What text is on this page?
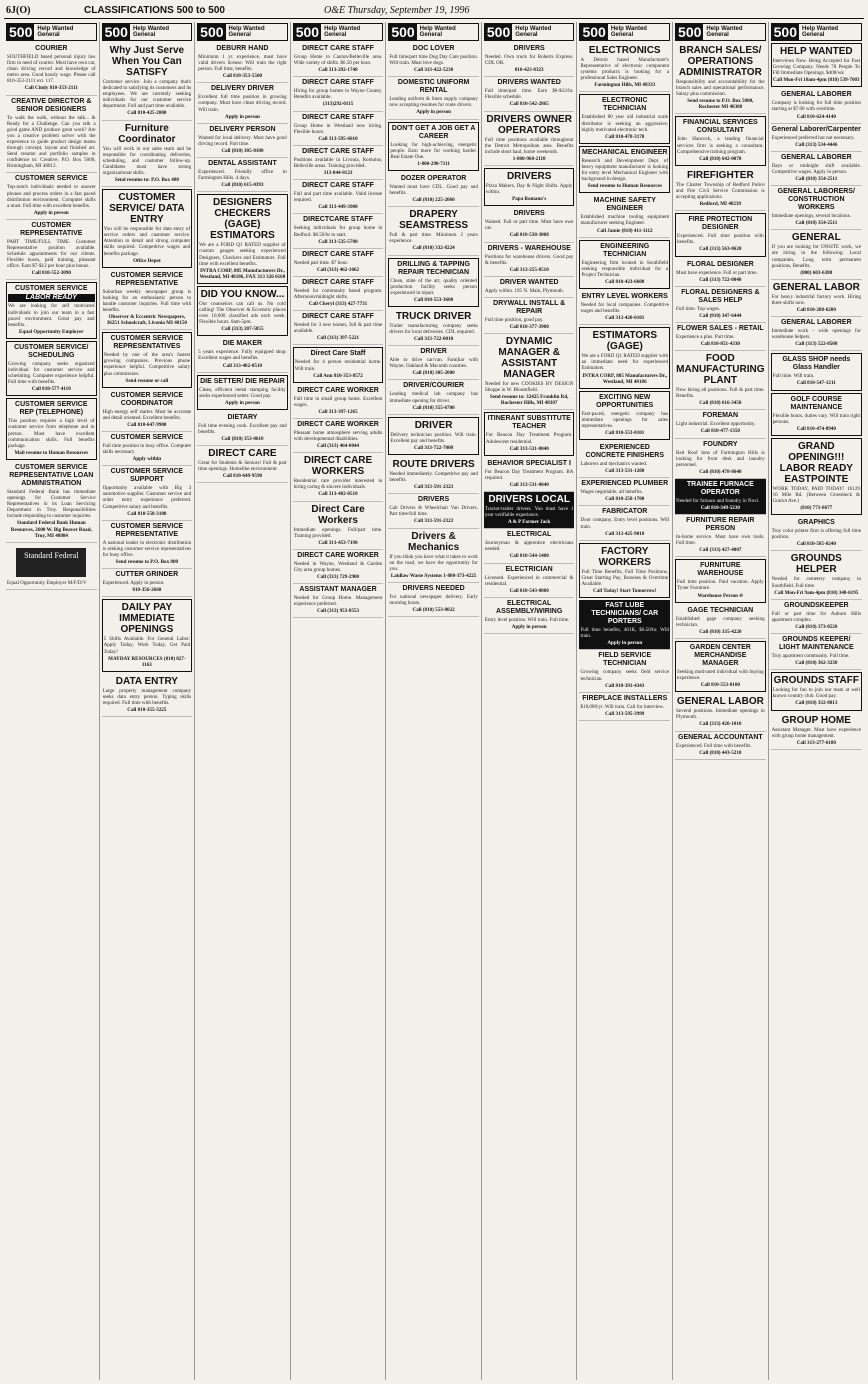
6J(O)	CLASSIFICATIONS 500 to 500	O&E Thursday, September 19, 1996
500 Help Wanted
General
COURIER
SOUTHFIELD based personal injury law firm in need of courier. Must have own car, clean driving record and knowledge of metro area. Good hourly wage. Please call 810-353-2111 ext. 117.
Call Cindy 810-353-2111
CREATIVE DIRECTOR & SENIOR DESIGNERS
To walk the walk, without the talk... & Ready for a Challenge. Can you talk a good game AND produce great work? Are you a creative problem solver with the experience to guide product design teams through concept, layout and finished art. Send resume and portfolio samples in confidence to: Creative, P.O. Box 5000, Birmingham, MI 48012.
CUSTOMER SERVICE
Top-notch individuals needed to answer phones and process orders in a fast paced distribution environment. Computer skills a must. Full time with excellent benefits.
Apply in person
CUSTOMER REPRESENTATIVE
PART TIME/FULL TIME. Customer Representative position available. Schedule appointments for our clients. Flexible hours, paid training, pleasant office. Earn $7-$12 per hour plus bonus.
Call 810-552-3090
CUSTOMER SERVICE
LABOR READY
We are looking for self motivated individuals to join our team in a fast paced environment. Great pay and benefits.
Equal Opportunity Employer
CUSTOMER SERVICE/ SCHEDULING
Growing company seeks organized individual for customer service and scheduling. Computer experience helpful. Full time with benefits.
Call 810-577-4110
CUSTOMER SERVICE REP (TELEPHONE)
This position requires a high level of customer service from telephone and in person. Must have excellent communication skills. Full benefits package.
Mail resume to Human Resources
CUSTOMER SERVICE REPRESENTATIVE LOAN ADMINISTRATION
Standard Federal Bank has immediate openings for Customer Service Representatives in its Loan Servicing Department in Troy. Responsibilities include responding to customer inquiries.
Standard Federal Bank Human Resources, 2600 W. Big Beaver Road, Troy, MI 48084
Standard Federal
Equal Opportunity Employer M/F/D/V
500 Help Wanted
General
Why Just Serve When You Can SATISFY
Customer service. Join a company that's dedicated to satisfying its customers and its employees. We are currently seeking individuals for our customer service department. Full and part time available.
Call 810-425-2000
Furniture Coordinator
You will work in our sales team and be responsible for coordinating deliveries, scheduling, and customer follow-up. Candidates must have strong organizational skills.
Send resume to: P.O. Box 480
CUSTOMER SERVICE/ DATA ENTRY
You will be responsible for data entry of service orders and customer service. Attention to detail and strong computer skills required. Competitive wages and benefits package.
Office Depot
CUSTOMER SERVICE REPRESENTATIVE
Suburban weekly newspaper group is looking for an enthusiastic person to handle customer inquiries. Full time with benefits.
Observer & Eccentric Newspapers, 36251 Schoolcraft, Livonia MI 48150
CUSTOMER SERVICE REPRESENTATIVES
Needed by one of the area's fastest growing companies. Previous phone experience helpful. Competitive salary plus commission.
Send resume or call
CUSTOMER SERVICE COORDINATOR
High energy self starter. Must be accurate and detail oriented. Excellent benefits.
Call 810-647-9900
CUSTOMER SERVICE
Full time position in busy office. Computer skills necessary.
Apply within
CUSTOMER SERVICE SUPPORT
Opportunity available with Big 3 automotive supplier. Customer service and order entry experience preferred. Competitive salary and benefits.
Call 810-558-3100
CUSTOMER SERVICE REPRESENTATIVE
A national leader in electronic distribution is seeking customer service representatives for busy office.
Send resume to P.O. Box 800
CUTTER GRINDER
Experienced. Apply in person.
810-356-2660
DAILY PAY IMMEDIATE OPENINGS
5 Shifts Available. For General Labor: Apply Today, Work Today, Get Paid Today!
MAYDAY RESOURCES (810) 827-1163
DATA ENTRY
Large property management company seeks data entry person. Typing skills required. Full time with benefits.
Call 810-355-3225
500 Help Wanted
General
DEBURR HAND
Minimum 1 yr. experience, must have valid drivers license. Will train the right person. Full time, benefits.
Call 810-353-5500
DELIVERY DRIVER
Excellent full time position in growing company. Must have clean driving record. Will train.
Apply in person
DELIVERY PERSON
Wanted for local delivery. Must have good driving record. Part time.
Call (810) 305-8100
DENTAL ASSISTANT
Experienced. Friendly office in Farmington Hills. 4 days.
Call (810) 615-0393
DESIGNERS CHECKERS (GAGE) ESTIMATORS
We are a FORD Q1 RATED supplier of custom gauges seeking experienced Designers, Checkers and Estimators. Full time with excellent benefits.
INTRA CORP, 885 Manufacturers Dr., Westland, MI 48186, FAX 313 326 6160
DID YOU KNOW...
Our counselors can call us. No cold calling! The Observer & Eccentric places over 10,000 classified ads each week. Flexible hours. 8am-5pm.
Call (313) 207-5855
DIE MAKER
5 years experience. Fully equipped shop. Excellent wages and benefits.
Call 313-482-0510
DIE SETTER/ DIE REPAIR
Clean, efficient metal stamping facility seeks experienced setter. Good pay.
Apply in person
DIETARY
Full time evening cook. Excellent pay and benefits.
Call (810) 353-0610
DIRECT CARE
Great for Students & Seniors! Full & part time openings. Homelike environment.
Call 810-649-9590
500 Help Wanted
General
DIRECT CARE STAFF
Group Home in Canton/Belleville area. Wide variety of shifts. $6.50 per hour.
Call 313-292-1748
DIRECT CARE STAFF
Hiring for group homes in Wayne County. Benefits available.
(313)292-0115
DIRECT CARE STAFF
Group Home in Westland now hiring. Flexible hours.
Call 313-595-6010
DIRECT CARE STAFF
Positions available in Livonia, Romulus, Belleville areas. Training provided.
313-844-0123
DIRECT CARE STAFF
Full and part time available. Valid license required.
Call 313-449-3900
DIRECTCARE STAFF
Seeking individuals for group home in Redford. $6.50/hr to start.
Call 313-535-5700
DIRECT CARE STAFF
Needed part time. $7 hour.
Call (313) 462-1062
DIRECT CARE STAFF
Needed for community based program. Afternoon/midnight shifts.
Call Cheryl (313) 427-7731
DIRECT CARE STAFF
Needed for 3 new homes, full & part time available.
Call (313) 397-5221
Direct Care Staff
Needed for 4 person residential home. Will train.
Call Ann 810-353-8572
DIRECT CARE WORKER
Full time in small group home. Excellent wages.
Call 313-397-1265
DIRECT CARE WORKER
Pleasant home atmosphere serving adults with developmental disabilities.
Call (313) 464-0044
DIRECT CARE WORKERS
Residential care provider interested in hiring caring & sincere individuals.
Call 313-482-0518
Direct Care Workers
Immediate openings. Full/part time. Training provided.
Call 313-453-7190
DIRECT CARE WORKER
Needed in Wayne, Westland & Garden City area group homes.
Call (313) 729-2900
ASSISTANT MANAGER
Needed for Group Home. Management experience preferred.
Call (313) 953-8553
500 Help Wanted
General
DOC LOVER
Full time/part time Dog Day Care position. Will train. Must love dogs.
Call 313-422-5230
DOMESTIC UNIFORM RENTAL
Leading uniform & linen supply company now accepting resumes for route drivers.
Apply in person
DON'T GET A JOB GET A CAREER
Looking for high-achieving, energetic people. Earn more for working harder. Real Estate One.
1-800-298-7111
DOZER OPERATOR
Wanted must have CDL. Good pay and benefits.
Call (810) 225-2060
DRAPERY SEAMSTRESS
Full & part time. Minimum 2 years experience.
Call (810) 332-8224
DRILLING & TAPPING REPAIR TECHNICIAN
Clean, state of the art, quality oriented production facility seeks person experienced in repair.
Call 810-553-3600
TRUCK DRIVER
Trailer manufacturing company seeks drivers for local deliveries. CDL required.
Call 313-722-0010
DRIVER
Able to drive car/van. Familiar with Wayne, Oakland & Macomb counties.
Call (810) 305-2000
DRIVER/COURIER
Leading medical lab company has immediate opening for driver.
Call (810) 355-6700
DRIVER
Delivery technician position. Will train. Excellent pay and benefits.
Call 313-722-7000
ROUTE DRIVERS
Needed immediately. Competitive pay and benefits.
Call 313-591-2323
DRIVERS
Cab Drivers & Wheelchair Van Drivers. Part time/full time.
Call 313-591-2323
Drivers & Mechanics
If you think you have what it takes to work on the road, we have the opportunity for you.
Laidlaw Waste Systems 1-800-373-4225
DRIVERS NEEDED
For national newspaper delivery. Early morning hours.
Call (810) 553-8022
500 Help Wanted
General
DRIVERS
Needed. Own truck for Roberts Express. CDL OR.
810-423-8323
DRIVERS WANTED
Full time/part time. Earn $8-$12/hr. Flexible schedule.
Call 810-542-2865
DRIVERS OWNER OPERATORS
Full time positions available throughout the Detroit Metropolitan area. Benefits include short haul, home weekends.
1-800-968-2118
DRIVERS
Pizza Makers, Day & Night Shifts. Apply within.
Papa Romano's
DRIVERS
Wanted. Full or part time. Must have own car.
Call 810-538-3008
DRIVERS - WAREHOUSE
Positions for warehouse drivers. Good pay & benefits.
Call 313-255-8510
DRIVER WANTED
Apply within. 195 N. Main, Plymouth.
DRYWALL INSTALL & REPAIR
Full time position, good pay.
Call 810-377-3900
DYNAMIC MANAGER & ASSISTANT MANAGER
Needed for new COOKIES BY DESIGN Shoppe in W. Bloomfield.
Send resume to: 32425 Franklin Rd, Rochester Hills, MI 48307
ITINERANT SUBSTITUTE TEACHER
For Beacon Day Treatment Program. Adolescent residential.
Call 313-531-0040
BEHAVIOR SPECIALIST I
For Beacon Day Treatment Program. BA required.
Call 313-531-0040
DRIVERS LOCAL
Tractor-trailer drivers. You must have 1 year verifiable experience.
A & P Farmer Jack
ELECTRICAL
Journeyman & apprentice electricians needed.
Call 810-544-1400
ELECTRICIAN
Licensed. Experienced in commercial & residential.
Call 810-543-0080
ELECTRICAL ASSEMBLY/WIRING
Entry level position. Will train. Full time.
Apply in person
500 Help Wanted
General
ELECTRONICS
A Detroit based Manufacturer's Representative of electronic component systems products is looking for a professional Sales Engineer.
Farmington Hills, MI 48333
ELECTRONIC TECHNICIAN
Established 80 year old industrial scale distributor is seeking an aggressive, highly motivated electronic tech.
Call 810-478-3170
MECHANICAL ENGINEER
Research and Development Dept. of heavy equipment manufacturer is looking for entry level Mechanical Engineer with background in design.
Send resume to Human Resources
MACHINE SAFETY ENGINEER
Established machine tooling equipment manufacturer seeking Engineer.
Call Jamie (810) 411-1112
ENGINEERING TECHNICIAN
Engineering firm located in Southfield seeking responsible individual for a Project Technician.
Call 810-423-6600
ENTRY LEVEL WORKERS
Needed for local companies. Competitive wages and benefits.
Call 313-420-0101
ESTIMATORS (GAGE)
We are a FORD Q1 RATED supplier with an immediate need for experienced Estimators.
INTRA CORP, 885 Manufacturers Dr., Westland, MI 48186
EXCITING NEW OPPORTUNITIES
Fast-paced, energetic company has immediate openings for sales representatives.
Call 810-553-0101
EXPERIENCED CONCRETE FINISHERS
Laborers and mechanics wanted.
Call 313-531-1200
EXPERIENCED PLUMBER
Wages negotiable, all benefits.
Call 810-258-1700
FABRICATOR
Door company. Entry level positions. Will train.
Call 313-425-9010
FACTORY WORKERS
Full Time Benefits, Full Time Positions, Great Starting Pay, Bonuses & Overtime Available.
Call Today! Start Tomorrow!
FAST LUBE TECHNICIANS/ CAR PORTERS
Full time benefits, 401K, $6.50/hr. Will train.
Apply in person
FIELD SERVICE TECHNICIAN
Growing company seeks field service technician.
Call 810-391-4343
FIREPLACE INSTALLERS
$18,000/yr. Will train. Call for interview.
Call 313-595-3999
500 Help Wanted
General
BRANCH SALES/ OPERATIONS ADMINISTRATOR
Responsibility and accountability for the branch sales and operational performance. Salary plus commission.
Send resume to P.O. Box 5000, Rochester MI 48308
FINANCIAL SERVICES CONSULTANT
John Hancock, a leading financial services firm is seeking a consultant. Comprehensive training program.
Call (810) 642-0070
FIREFIGHTER
The Charter Township of Redford Police and Fire Civil Service Commission is accepting applications.
Redford, MI 48239
FIRE PROTECTION DESIGNER
Experienced. Full time position with benefits.
Call (313) 563-0620
FLORAL DESIGNER
Must have experience. Full or part time.
Call (313) 722-0040
FLORAL DESIGNERS & SALES HELP
Full time. Top wages.
Call (810) 347-6444
FLOWER SALES - RETAIL
Experience a plus. Part time.
Call 810-851-4330
FOOD MANUFACTURING PLANT
Now hiring all positions. Full & part time. Benefits.
Call (810) 616-3450
FOREMAN
Light industrial. Excellent opportunity.
Call 810-477-1350
FOUNDRY
Red Roof Inns of Farmington Hills is looking for front desk and laundry personnel.
Call (810) 478-8640
TRAINEE FURNACE OPERATOR
Needed for furnace and foundry in Novi.
Call 810-349-5230
FURNITURE REPAIR PERSON
In-home service. Must have own tools. Full time.
Call (313) 427-4007
FURNITURE WAREHOUSE
Full time position. Paid vacation. Apply Tyner Furniture.
Warehouse Person 4/
GAGE TECHNICIAN
Established gage company seeking technician.
Call (810) 335-4220
GARDEN CENTER MERCHANDISE MANAGER
Seeking motivated individual with buying experience.
Call 810-553-0100
GENERAL LABOR
Several positions. Immediate openings in Plymouth.
Call (313) 420-1010
GENERAL ACCOUNTANT
Experienced. Full time with benefits.
Call (810) 443-5210
500 Help Wanted
General
HELP WANTED
Interviews Now. Being Accepted for Fast Growing Company. Needs 78 People To Fill Immediate Openings. $400/wk
Call Mon-Fri 10am-4pm (810) 539-7003
GENERAL LABORER
Company is looking for full time position starting at $7.00 with overtime.
Call 810-624-4140
General Laborer/Carpenter
Experienced preferred but not necessary.
Call (313) 534-4446
GENERAL LABORER
Days or midnight shift available. Competitive wages. Apply in person.
Call (810) 354-2511
GENERAL LABORERS/ CONSTRUCTION WORKERS
Immediate openings, several locations.
Call (810) 354-2511
GENERAL
If you are looking for ONSITE work, we are hiring in the following: Local companies, Long term permanent positions, Benefits.
(800) 603-6388
GENERAL LABOR
For heavy industrial factory work. Hiring three shifts now.
Call 810-288-6200
GENERAL LABORER
Immediate work - wide openings for warehouse helpers.
Call (313) 522-0500
GLASS SHOP needs Glass Handler
Full time. Will train.
Call 810-547-1211
GOLF COURSE MAINTENANCE
Flexible hours, duties vary. Will train right persons.
Call 810-474-8940
GRAND OPENING!!! LABOR READY EASTPOINTE
WORK TODAY, PAID TODAY! 16129 10 Mile Rd. (Between Groesbeck & Gratiot Ave.)
(810) 773-8677
GRAPHICS
Troy color printer firm is offering full time position.
Call 810-585-0240
GROUNDS HELPER
Needed for cemetery company in Southfield. Full time.
Call Mon-Fri 9am-4pm (810) 348-6195
GROUNDSKEEPER
Full or part time for Auburn Hills apartment complex.
Call (810) 373-0520
GROUNDS KEEPER/ LIGHT MAINTENANCE
Troy apartment community. Full time.
Call (810) 362-3230
GROUNDS STAFF
Looking for fun to join our team at well known country club. Good pay.
Call (810) 332-8813
GROUP HOME
Assistant Manager. Must have experience with group home management.
Call 313-277-6180
